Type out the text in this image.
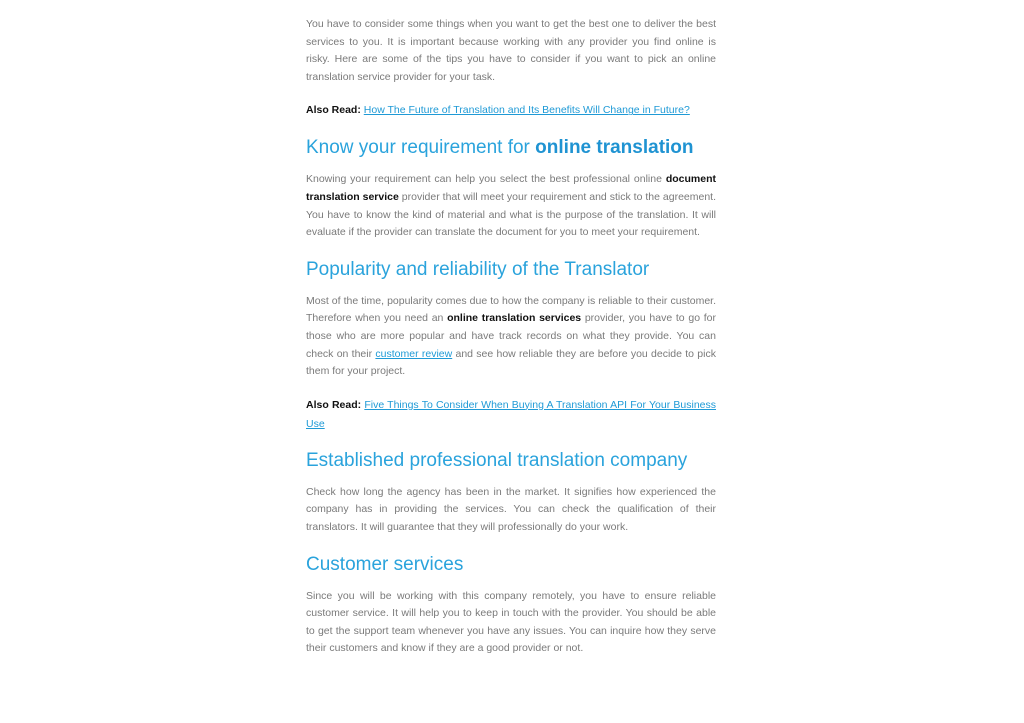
You have to consider some things when you want to get the best one to deliver the best services to you. It is important because working with any provider you find online is risky. Here are some of the tips you have to consider if you want to pick an online translation service provider for your task.

Also Read: How The Future of Translation and Its Benefits Will Change in Future?

Know your requirement for online translation

Knowing your requirement can help you select the best professional online document translation service provider that will meet your requirement and stick to the agreement. You have to know the kind of material and what is the purpose of the translation. It will evaluate if the provider can translate the document for you to meet your requirement.

Popularity and reliability of the Translator

Most of the time, popularity comes due to how the company is reliable to their customer. Therefore when you need an online translation services provider, you have to go for those who are more popular and have track records on what they provide. You can check on their customer review and see how reliable they are before you decide to pick them for your project.

Also Read: Five Things To Consider When Buying A Translation API For Your Business Use

Established professional translation company

Check how long the agency has been in the market. It signifies how experienced the company has in providing the services. You can check the qualification of their translators. It will guarantee that they will professionally do your work.

Customer services

Since you will be working with this company remotely, you have to ensure reliable customer service. It will help you to keep in touch with the provider. You should be able to get the support team whenever you have any issues. You can inquire how they serve their customers and know if they are a good provider or not.
